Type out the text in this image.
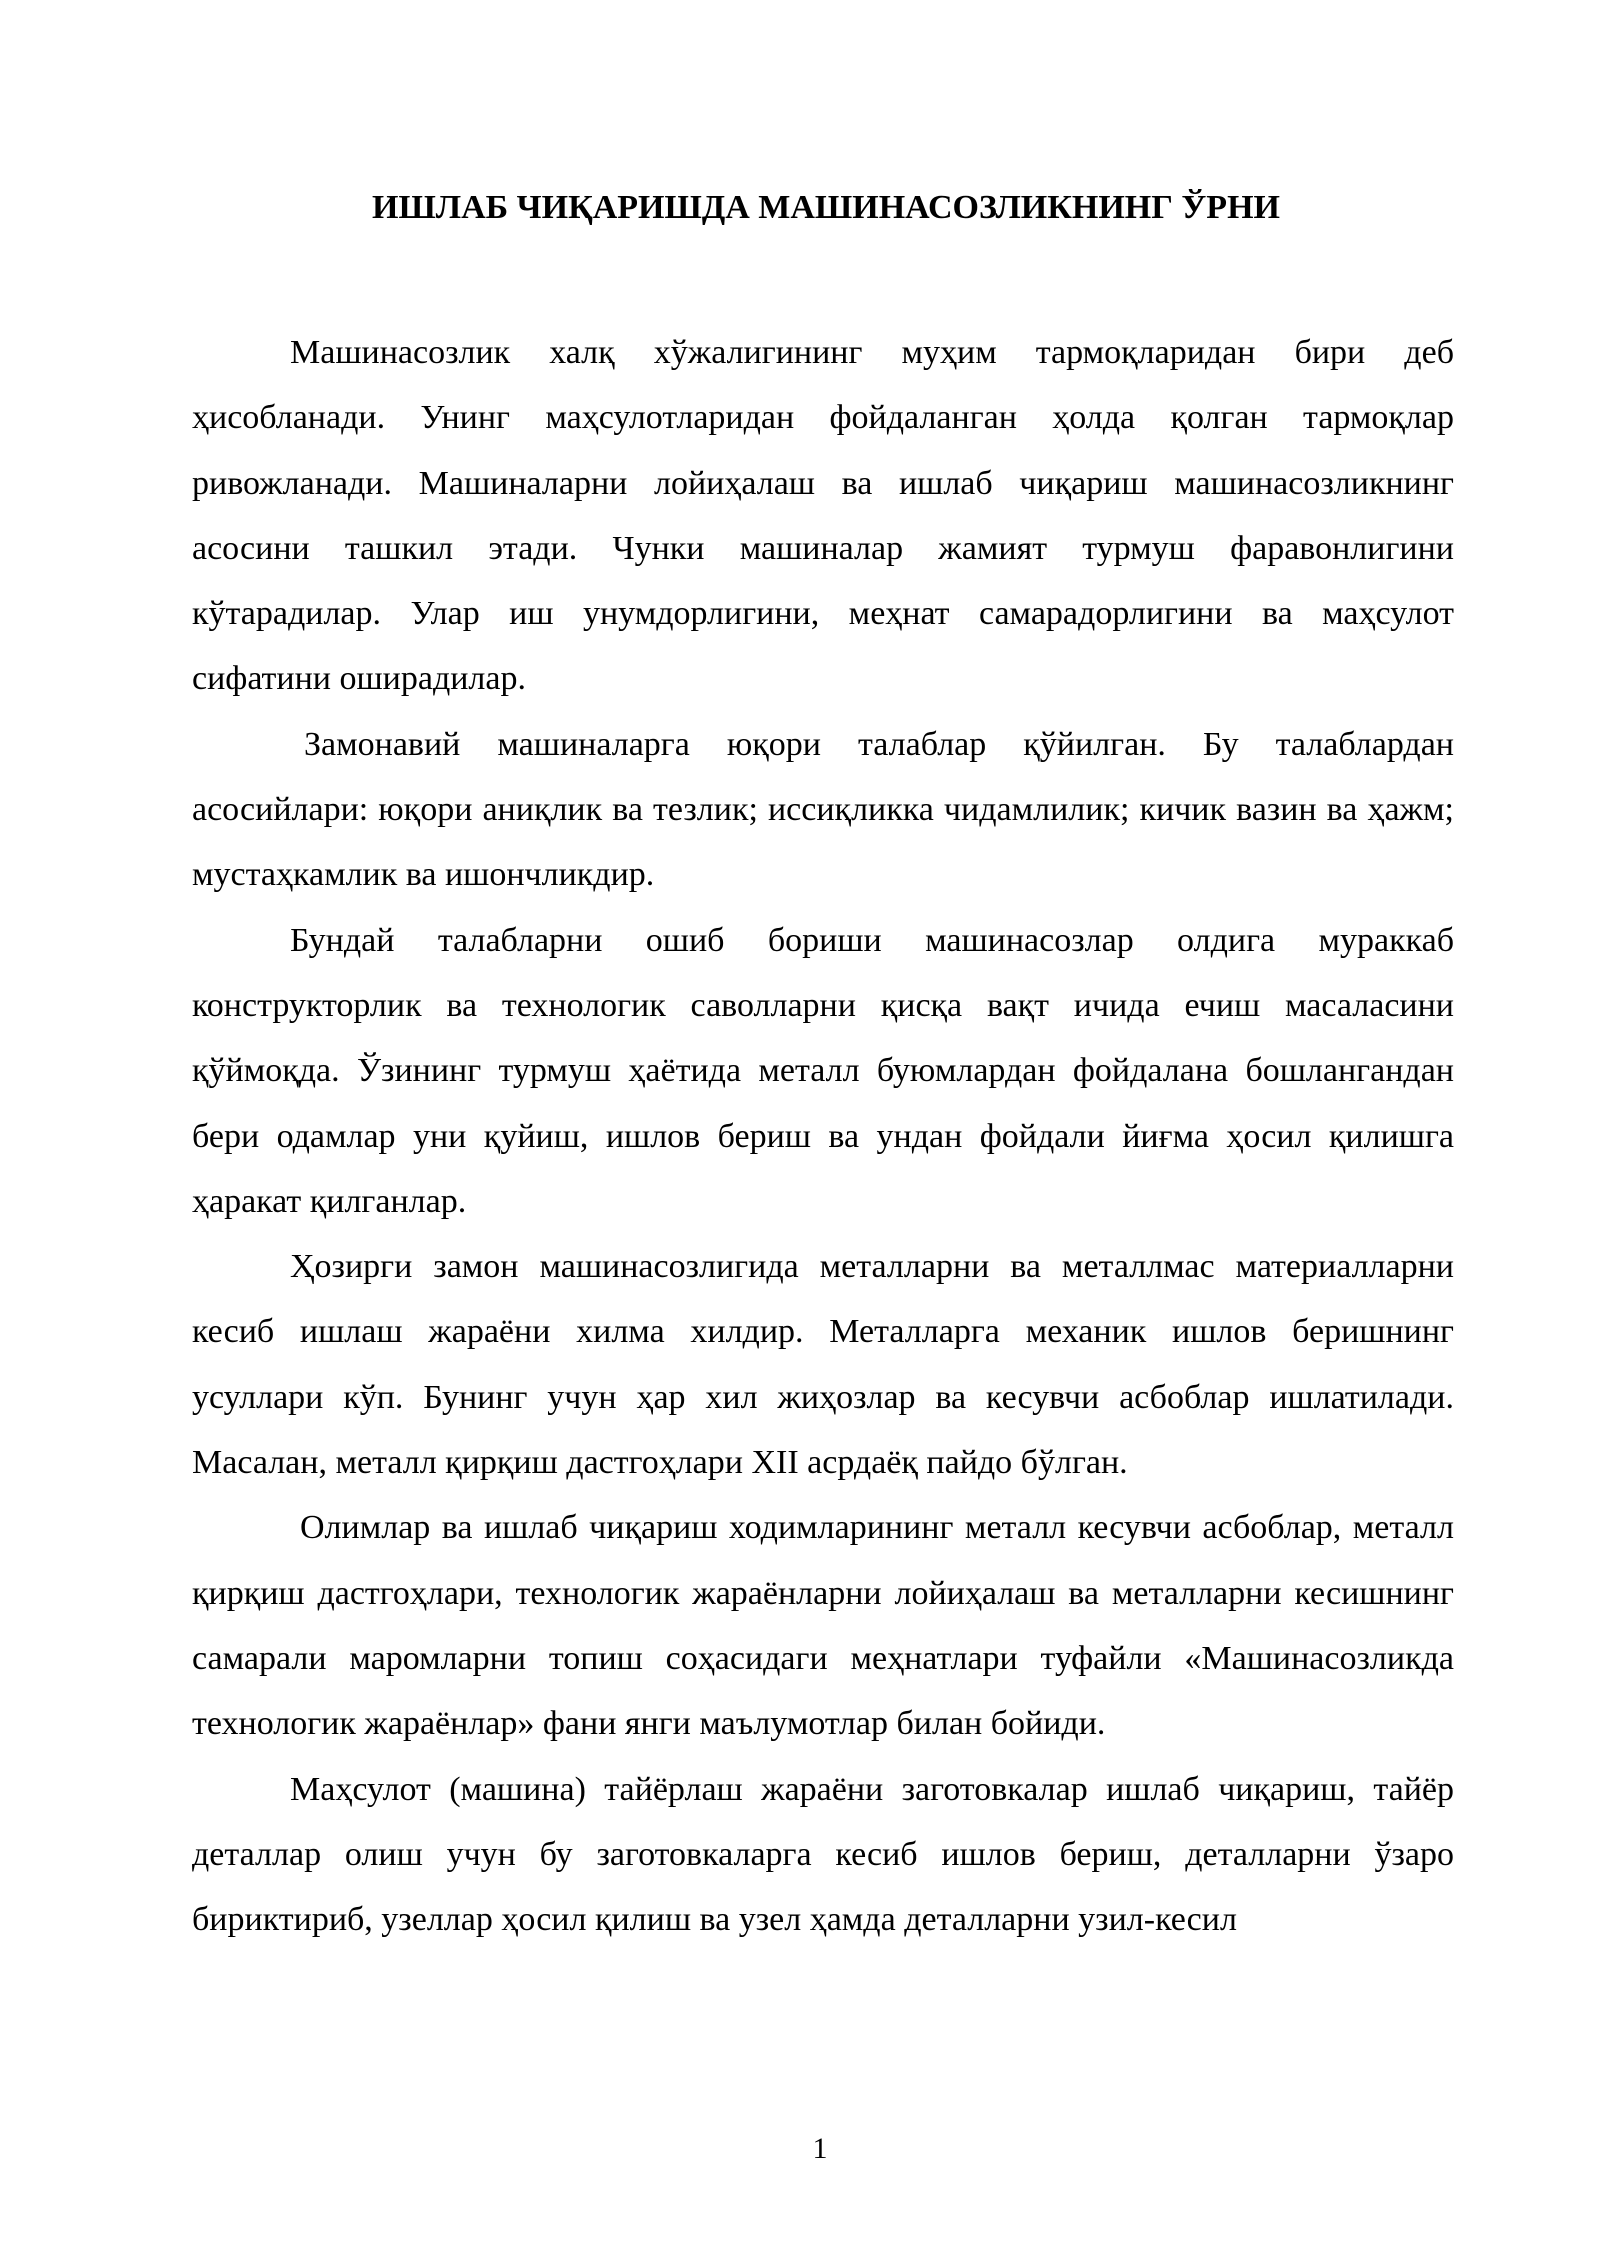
ИШЛАБ ЧИҚАРИШДА МАШИНАСОЗЛИКНИНГ ЎРНИ

Машинасозлик халқ хўжалигининг муҳим тармоқларидан бири деб ҳисобланади. Унинг маҳсулотларидан фойдаланган ҳолда қолган тармоқлар ривожланади. Машиналарни лойиҳалаш ва ишлаб чиқариш машинасозликнинг асосини ташкил этади. Чунки машиналар жамият турмуш фаравонлигини кўтарадилар. Улар иш унумдорлигини, меҳнат самарадорлигини ва маҳсулот сифатини оширадилар.

Замонавий машиналарга юқори талаблар қўйилган. Бу талаблардан асосийлари: юқори аниқлик ва тезлик; иссиқликка чидамлилик; кичик вазин ва ҳажм; мустаҳкамлик ва ишончликдир.

Бундай талабларни ошиб бориши машинасозлар олдига мураккаб конструкторлик ва технологик саволларни қисқа вақт ичида ечиш масаласини қўймоқда. Ўзининг турмуш ҳаётида металл буюмлардан фойдалана бошлангандан бери одамлар уни қуйиш, ишлов бериш ва ундан фойдали йиғма ҳосил қилишга ҳаракат қилганлар.

Ҳозирги замон машинасозлигида металларни ва металлмас материалларни кесиб ишлаш жараёни хилма хилдир. Металларга механик ишлов беришнинг усуллари кўп. Бунинг учун ҳар хил жиҳозлар ва кесувчи асбоблар ишлатилади. Масалан, металл қирқиш дастгоҳлари XII асрдаёқ пайдо бўлган.

Олимлар ва ишлаб чиқариш ходимларининг металл кесувчи асбоблар, металл қирқиш дастгоҳлари, технологик жараёнларни лойиҳалаш ва металларни кесишнинг самарали маромларни топиш соҳасидаги меҳнатлари туфайли «Машинасозликда технологик жараёнлар» фани янги маълумотлар билан бойиди.

Маҳсулот (машина) тайёрлаш жараёни заготовкалар ишлаб чиқариш, тайёр деталлар олиш учун бу заготовкаларга кесиб ишлов бериш, деталларни ўзаро бириктириб, узеллар ҳосил қилиш ва узел ҳамда деталларни узил-кесил

1
